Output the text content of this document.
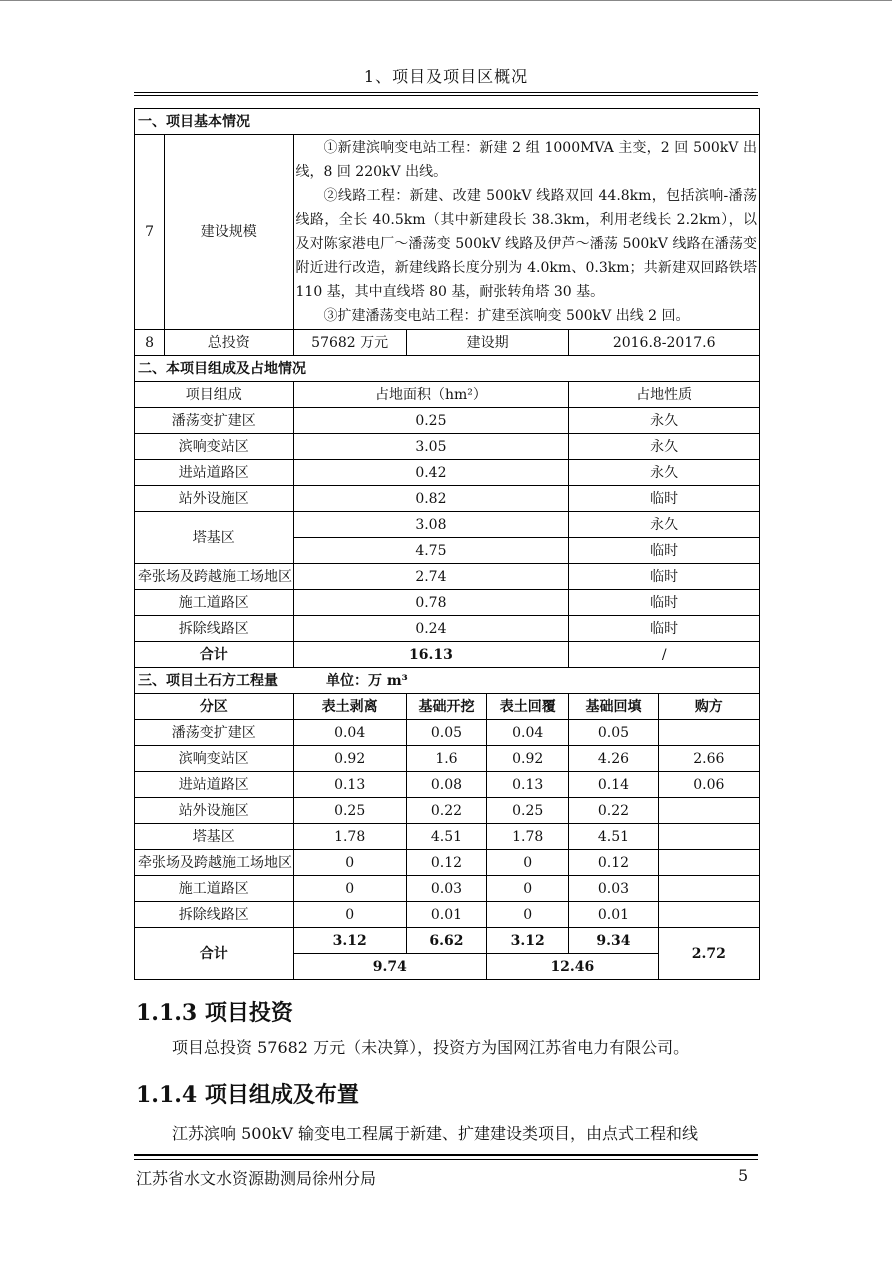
1、项目及项目区概况
一、项目基本情况						
7	建设规模	①新建滨响变电站工程：新建 2 组 1000MVA 主变，2 回 500kV 出线，8 回 220kV 出线。

②线路工程：新建、改建 500kV 线路双回 44.8km，包括滨响-潘荡线路，全长 40.5km（其中新建段长 38.3km，利用老线长 2.2km），以及对陈家港电厂～潘荡变 500kV 线路及伊芦～潘荡 500kV 线路在潘荡变附近进行改造，新建线路长度分别为 4.0km、0.3km；共新建双回路铁塔 110 基，其中直线塔 80 基，耐张转角塔 30 基。

③扩建潘荡变电站工程：扩建至滨响变 500kV 出线 2 回。				

8	总投资	57682 万元	建设期		2016.8-2017.6	
二、本项目组成及占地情况						
项目组成		占地面积（hm²）			占地性质	
潘荡变扩建区		0.25			永久	
滨响变站区		3.05			永久	
进站道路区		0.42			永久	
站外设施区		0.82			临时	
塔基区		3.08			永久	
		4.75			临时	
牵张场及跨越施工场地区		2.74			临时	
施工道路区		0.78			临时	
拆除线路区		0.24			临时	
合计		16.13			/	
三、项目土石方工程量 单位：万 m³						
分区		表土剥离	基础开挖	表土回覆	基础回填	购方
潘荡变扩建区		0.04	0.05	0.04	0.05	
滨响变站区		0.92	1.6	0.92	4.26	2.66
进站道路区		0.13	0.08	0.13	0.14	0.06
站外设施区		0.25	0.22	0.25	0.22	
塔基区		1.78	4.51	1.78	4.51	
牵张场及跨越施工场地区		0	0.12	0	0.12	
施工道路区		0	0.03	0	0.03	
拆除线路区		0	0.01	0	0.01	
合计		3.12	6.62	3.12	9.34	2.72
		9.74		12.46		
1.1.3 项目投资
项目总投资 57682 万元（未决算），投资方为国网江苏省电力有限公司。
1.1.4 项目组成及布置
江苏滨响 500kV 输变电工程属于新建、扩建建设类项目，由点式工程和线
江苏省水文水资源勘测局徐州分局	5
